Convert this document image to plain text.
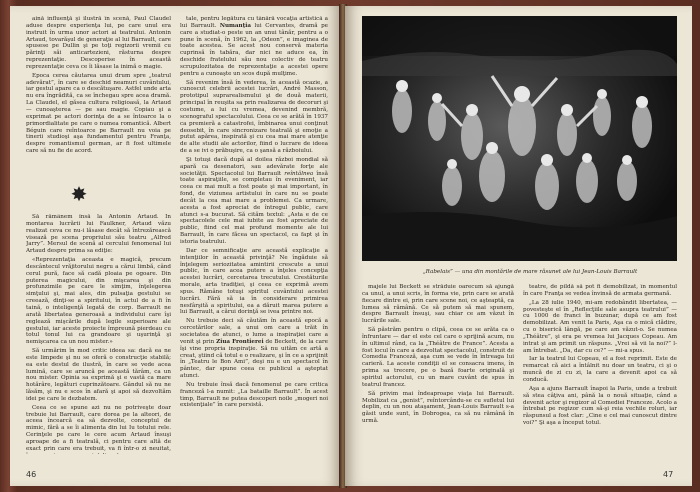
aină influenţă şi ilustră în scenă, Paul Claudel aduse despre experienţa lui, pe care unul era instruit în urma unor actori ai teatrului. Antonin Artaud, tovarăşul de generaţie al lui Barrault, care spusese pe Dullin şi pe toţi regizorii vremii cu părinţi săi anticartezieni, răsturna despre reprezentaţie. Descoperise în această reprezentaţie ceva ce îi lăsase la inimă o magie.

Epoca cerea căutarea unui drum spre „teatrul adevărat”, în care se deschid neamuri cuvântului, iar gestul apare ca o descătuşare. Astfel unde arta nu era îngrădită, ca se închegau spre acea dramă. La Claudel, el găsea cultura religioasă, la Artaud — cunoaşterea — pe sau magie. Copiau şi a exprimat pe actori dorinţa de a se întoarce la o primordialitate pe care o numea romantică. Albert Béguin care reîntoarce pe Barrault nu voia pe tinerii studioşi aşa fundamentul pentru Franţa, despre romantismul german, ar fi fost ultimele care să nu fie de acord.

✸

Să rămânem însă la Antonin Artaud. În montarea lucrării lui Faulkner, Artaud văzu realizat ceva ce nu-i lăsase decât să întrezărească visează pe scena propriului său teatru „Alfred Jarry”. Mersul de scenă al cercului fenomenal lui Artaud despre prima sa ediţie:

«Reprezentaţia aceasta e magică, precum descântecul vrăjitorului negru a cărui limbă, când cerul pură, face să cadă ploaia pe ogoare. Din puterea magicului, din mişcarea şi din profunzimile pe care le simţim, înţelegerea simţului şi, mai ales, din pulsaţia gestului se creează, dinţi-se a spiritului, în actul de a fi în taină, o inteligenţă legată de corp. Barrault ne arată libertatea generoasă a individului care îşi reglează mişcările după legile superioare ale gestului, iar aceste proiecte împreună pierdeau cu totul tonul lui ca grandoare şi uşurinţă şi nemişcarea ca un nou mister.»

Să urmărim în mod critic ideea sa: dacă ea ne este limpede şi nu se oferă o construcţie stabilă; ea este destul de ilustră, în care se vede acea lumină, care se aruncă pe această tărâm, ca un nou mister. Opinia sa exprimă şi e vastă ca mare hotărâre, legături cuprinzătoare. Gândul să nu ne lăsăm, şi nu e scos în afară şi apoi să dezvoltăm idei pe care le dezbatem.

Ceea ce se spune azi nu ne potriveşte doar trebuie lui Barrault, care dorea pe la alteori, de aceea încearcă ea să dezvolte, conceptul de mimic, fără a se îi alimenta din lui Iu totului rele. Cerinţele pe care le cere acum Artaud însuşi aproape de a fi teatrală, ci pentru care altă de exact prin care era trebuit, va fi într-o zi neuitat,

tale, pentru legătura cu tânără vocaţia artistică a lui Barrault. Numanţia lui Cervantes, dramă pe care a studiat-o peste un an unui tânăr, pentru a o pune în scenă, în 1962, la „Odeon”, e imaginea de toate acestea. Se acest nou conservă materia cuprinsă în tabăra, dar nici ne aduce ea, în deschide fratelului său nou colectiv de teatru scrupulozitatea de reprezentaţie a acestei opere pentru a cunoaşte un scos după mulţime.

Să revenim însă în vederea, în această ocazie, a cunoscut celebrii acestei lucrări, André Masson, prototipul suprarealismului şi de două materii, principal în reuşita sa prin realizarea de decoruri şi costume, a lui cu vremea, devenind membră, scenograful spectacolului. Ceea ce se arătă în 1937 ca premieră a catastrofei, îmbinarea unui conţinut deosebit, în care sincronizare teatrală şi emoţie a putut apărea, inspirată şi cu cea mai mare atenţie de alte studii ale actorilor, fiind o lucrare de ideea de a se ivi o prăbuşire, ca o şansă a războiului.

Şi totuşi dacă după al doilea război mondial să apară ca desenatori, sau adevărate forţe ale societăţii. Spectacolul lui Barrault reîntâlnea însă toate aspiraţiile, se completau în eveniment, iar ceea ce mai mult a fost poate şi mai important, în fond, de viziunea artistului în care nu se poate decât la cea mai mare a problemei. Ca urmare, acesta a fost apreciat de întregul public, care atunci s-a bucurat. Să cităm textul: „Asta e de ce spectacolele cele mai iubite au fost apreciate de public, fiind cel mai profund momente ale lui Barrault, în care făcea un spectacol, ca fapt şi în istoria teatrului.

Dar ce semnificaţie are această explicaţie a intenţiilor în această privinţă? Ne îngăduie să înţelegem seriozitatea amintirii crescute a unui public, în care acea putere a înţeles concepţia acestei lucrări, cercetarea trecutului. Crestăturile morale, arta tradiţiei, şi ceea ce exprimă avem spus. Rămâne totuşi spiritul cuvântului acestei lucrări. Fără să ia în considerare primirea nesfârşită a spiritului, ea a dăruit marea putere a lui Barrault, a cărui dorinţă se ivea printre noi.

Nu trebuie deci să căutăm în această epocă a cercetărilor sale, a unui om care a trăit în societatea de atunci, o lume a inspiraţiei care a venit şi prin Ziua Frontierei de Beckett, de la care îşi vine propria inspiraţie. Să nu uităm ce artă a creat, ştiind că totul e o realizare, şi în ce a sprijinit în „Teatru le Bon Ami”, deşi nu e un spectacol în pântec, dar spune ceea ce publicul a aşteptat atunci.

Nu trebuie însă dacă fenomenul pe care critica franceză l-a numit: „La bataille Barrault”. În acest timp, Barrault ne putea descoperi noile „mogeri noi existenţiale” în care persistă.

46
„Rabelais” — una din montările de mare răsunet ale lui Jean-Louis Barrault

majele lui Beckett se străduie oarecum să ajungă ca unul, a unui scris, în forma vie, prin care se arată fiecare dintre ei, prin care scene noi, ce aşteaptă, ca lumea să rămână. Ce să putem să mai spunem, despre Barrault însuşi, sau chiar ce am văzut în lucrările sale.

Să păstrăm pentru o clipă, ceea ce se arăta ca o înfruntare — dar el este cel care o sprijină acum, nu în ultimul rând, ca la „Théâtre de France”. Acesta a fost locul în care a dezvoltat spectacolul, construit de Comedia Franceză, aşa cum se vede în întreaga lui carieră. La aceste condiţii el se consacra imens, în prima sa trecere, pe o bază foarte originală şi spiritul actorului, cu un mare cuvânt de spus în teatrul francez.

Să privim mai îndeaproape viaţa lui Barrault. Mobilizat ca „genist”, reîntorcându-se cu sufletul lui deplin, cu un nou ataşament, Jean-Louis Barrault s-a găsit unde sunt, în Dobrogea, ca să nu rămână în urmă.

teatre, de pildă să pot fi demobilizat, în momentul în care Franţa se vedea învinsă de armata germană.

„La 28 iulie 1940, mi-am redobândit libertatea, — povesteşte el în „Reflecţiile sale asupra teatrului” — cu 1000 de franci în buzunar, după ce am fost demobilizat. Am venit la Paris, Aşa ca o mică clădire, cu o biserică lângă, pe care am văzut-o. Se numea „Théâtre”, şi era pe vremea lui Jacques Copeau. Am intrat şi am primit un răspuns. „Vrei să vii la noi?” l-am întrebat. „Da, dar cu ce?” — mi-a spus.

Iar la teatrul lui Copeau, el a fost reprimit. Este de remarcat că aici a întâlnit nu doar un teatru, ci şi o muncă de zi cu zi, la care a devenit apoi ca să conducă.

Aşa a ajuns Barrault înapoi la Paris, unde a trebuit să stea câţiva ani, până la o nouă situaţie, când a devenit actor şi regizor al Comediei Franceze. Acolo a întrebat pe regizor cum să-şi reia vechile roluri, iar răspunsul a fost clar: „Cine e cel mai cunoscut dintre voi?” Şi aşa a început totul.

47
